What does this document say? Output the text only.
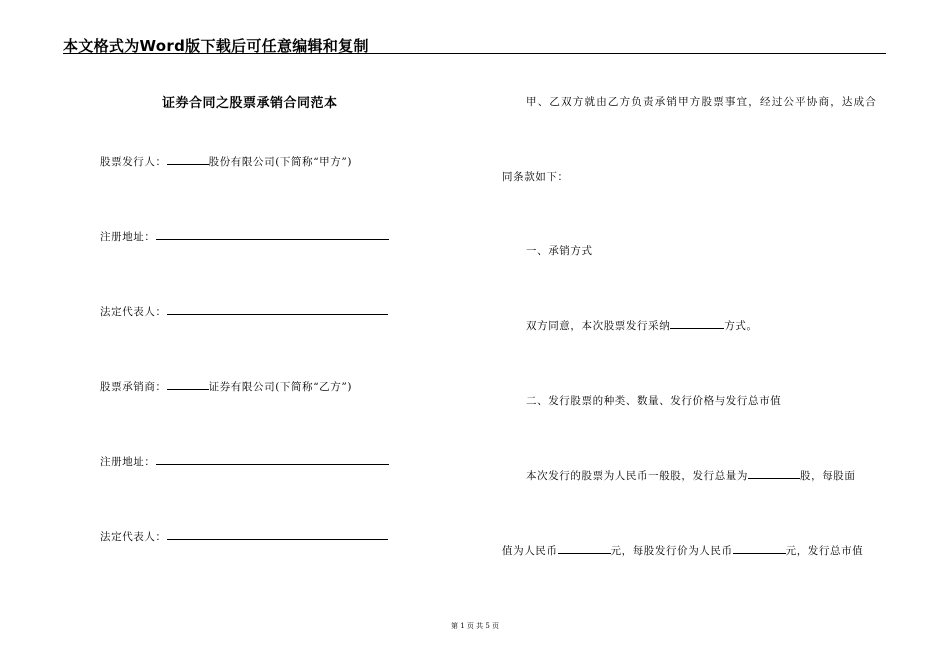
本文格式为Word版下载后可任意编辑和复制
证券合同之股票承销合同范本
股票发行人：	股份有限公司(下简称“甲方”)
注册地址：
法定代表人：
股票承销商：	证券有限公司(下简称“乙方”)
注册地址：
法定代表人：
甲、乙双方就由乙方负责承销甲方股票事宜，经过公平协商，达成合
同条款如下：
一、承销方式
双方同意，本次股票发行采纳	方式。
二、发行股票的种类、数量、发行价格与发行总市值
本次发行的股票为人民币一般股，发行总量为	股，每股面
值为人民币	元，每股发行价为人民币	元，发行总市值
第 1 页 共 5 页
